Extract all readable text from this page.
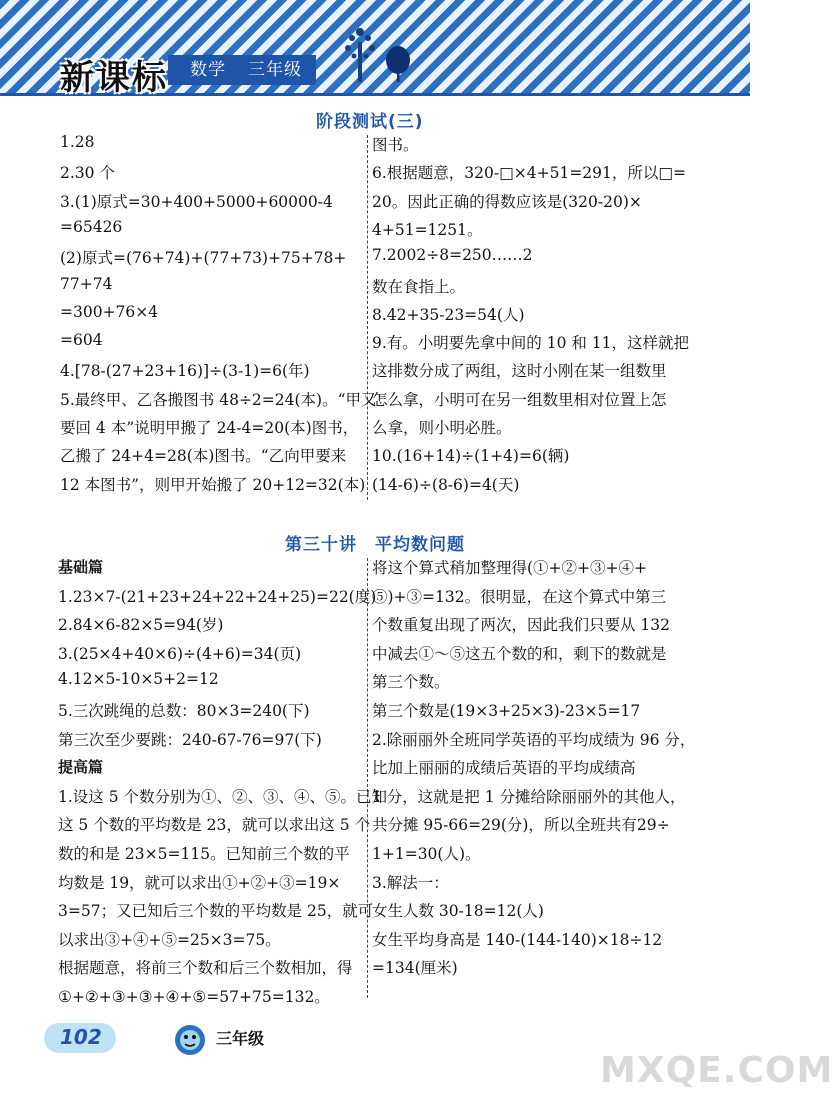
新课标	数学 三年级
阶段测试(三)
1.28
2.30 个
3.(1)原式=30+400+5000+60000-4
=65426
(2)原式=(76+74)+(77+73)+75+78+
77+74
=300+76×4
=604
4.[78-(27+23+16)]÷(3-1)=6(年)
5.最终甲、乙各搬图书 48÷2=24(本)。“甲又
要回 4 本”说明甲搬了 24-4=20(本)图书，
乙搬了 24+4=28(本)图书。“乙向甲要来
12 本图书”，则甲开始搬了 20+12=32(本)
图书。
6.根据题意，320-□×4+51=291，所以□=
20。因此正确的得数应该是(320-20)×
4+51=1251。
7.2002÷8=250……2
数在食指上。
8.42+35-23=54(人)
9.有。小明要先拿中间的 10 和 11，这样就把
这排数分成了两组，这时小刚在某一组数里
怎么拿，小明可在另一组数里相对位置上怎
么拿，则小明必胜。
10.(16+14)÷(1+4)=6(辆)
(14-6)÷(8-6)=4(天)
第三十讲　平均数问题
基础篇
1.23×7-(21+23+24+22+24+25)=22(度)
2.84×6-82×5=94(岁)
3.(25×4+40×6)÷(4+6)=34(页)
4.12×5-10×5+2=12
5.三次跳绳的总数：80×3=240(下)
第三次至少要跳：240-67-76=97(下)
提高篇
1.设这 5 个数分别为①、②、③、④、⑤。已知
这 5 个数的平均数是 23，就可以求出这 5 个
数的和是 23×5=115。已知前三个数的平
均数是 19，就可以求出①+②+③=19×
3=57；又已知后三个数的平均数是 25，就可
以求出③+④+⑤=25×3=75。
根据题意，将前三个数和后三个数相加，得
①+②+③+③+④+⑤=57+75=132。
将这个算式稍加整理得(①+②+③+④+
⑤)+③=132。很明显，在这个算式中第三
个数重复出现了两次，因此我们只要从 132
中减去①～⑤这五个数的和，剩下的数就是
第三个数。
第三个数是(19×3+25×3)-23×5=17
2.除丽丽外全班同学英语的平均成绩为 96 分，
比加上丽丽的成绩后英语的平均成绩高
1 分，这就是把 1 分摊给除丽丽外的其他人，
共分摊 95-66=29(分)，所以全班共有29÷
1+1=30(人)。
3.解法一：
女生人数 30-18=12(人)
女生平均身高是 140-(144-140)×18÷12
=134(厘米)
102	三年级
MXQE.COM
